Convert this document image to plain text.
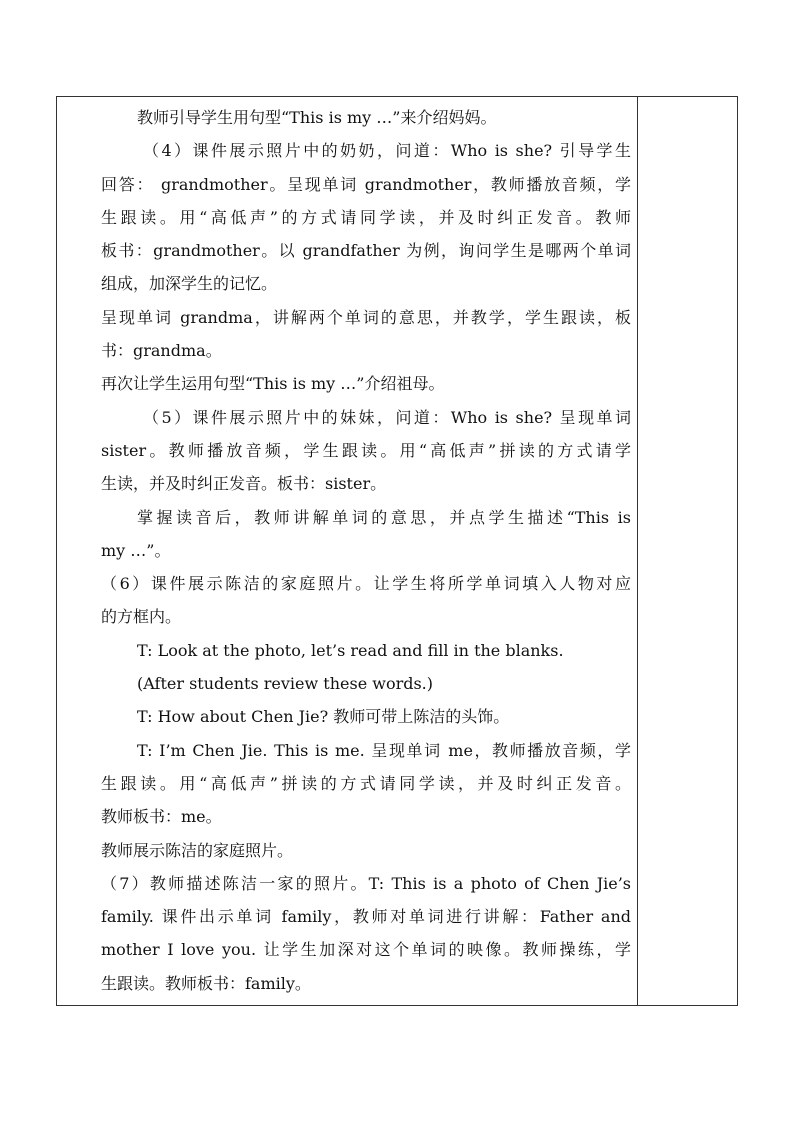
教师引导学生用句型“This is my …”来介绍妈妈。
（4）课件展示照片中的奶奶，问道：Who is she? 引导学生
回答： grandmother。呈现单词 grandmother，教师播放音频，学
生跟读。用“高低声”的方式请同学读，并及时纠正发音。教师
板书：grandmother。以 grandfather 为例，询问学生是哪两个单词
组成，加深学生的记忆。
呈现单词 grandma，讲解两个单词的意思，并教学，学生跟读，板
书：grandma。
再次让学生运用句型“This is my …”介绍祖母。
（5）课件展示照片中的妹妹，问道：Who is she? 呈现单词
sister。教师播放音频，学生跟读。用“高低声”拼读的方式请学
生读，并及时纠正发音。板书：sister。
掌握读音后，教师讲解单词的意思，并点学生描述“This is
my …”。
（6）课件展示陈洁的家庭照片。让学生将所学单词填入人物对应
的方框内。
T: Look at the photo, let’s read and fill in the blanks.
(After students review these words.)
T: How about Chen Jie? 教师可带上陈洁的头饰。
T: I’m Chen Jie. This is me. 呈现单词 me，教师播放音频，学
生跟读。用“高低声”拼读的方式请同学读，并及时纠正发音。
教师板书：me。
教师展示陈洁的家庭照片。
（7）教师描述陈洁一家的照片。T: This is a photo of Chen Jie’s
family. 课件出示单词 family，教师对单词进行讲解：Father and
mother I love you. 让学生加深对这个单词的映像。教师操练，学
生跟读。教师板书：family。
